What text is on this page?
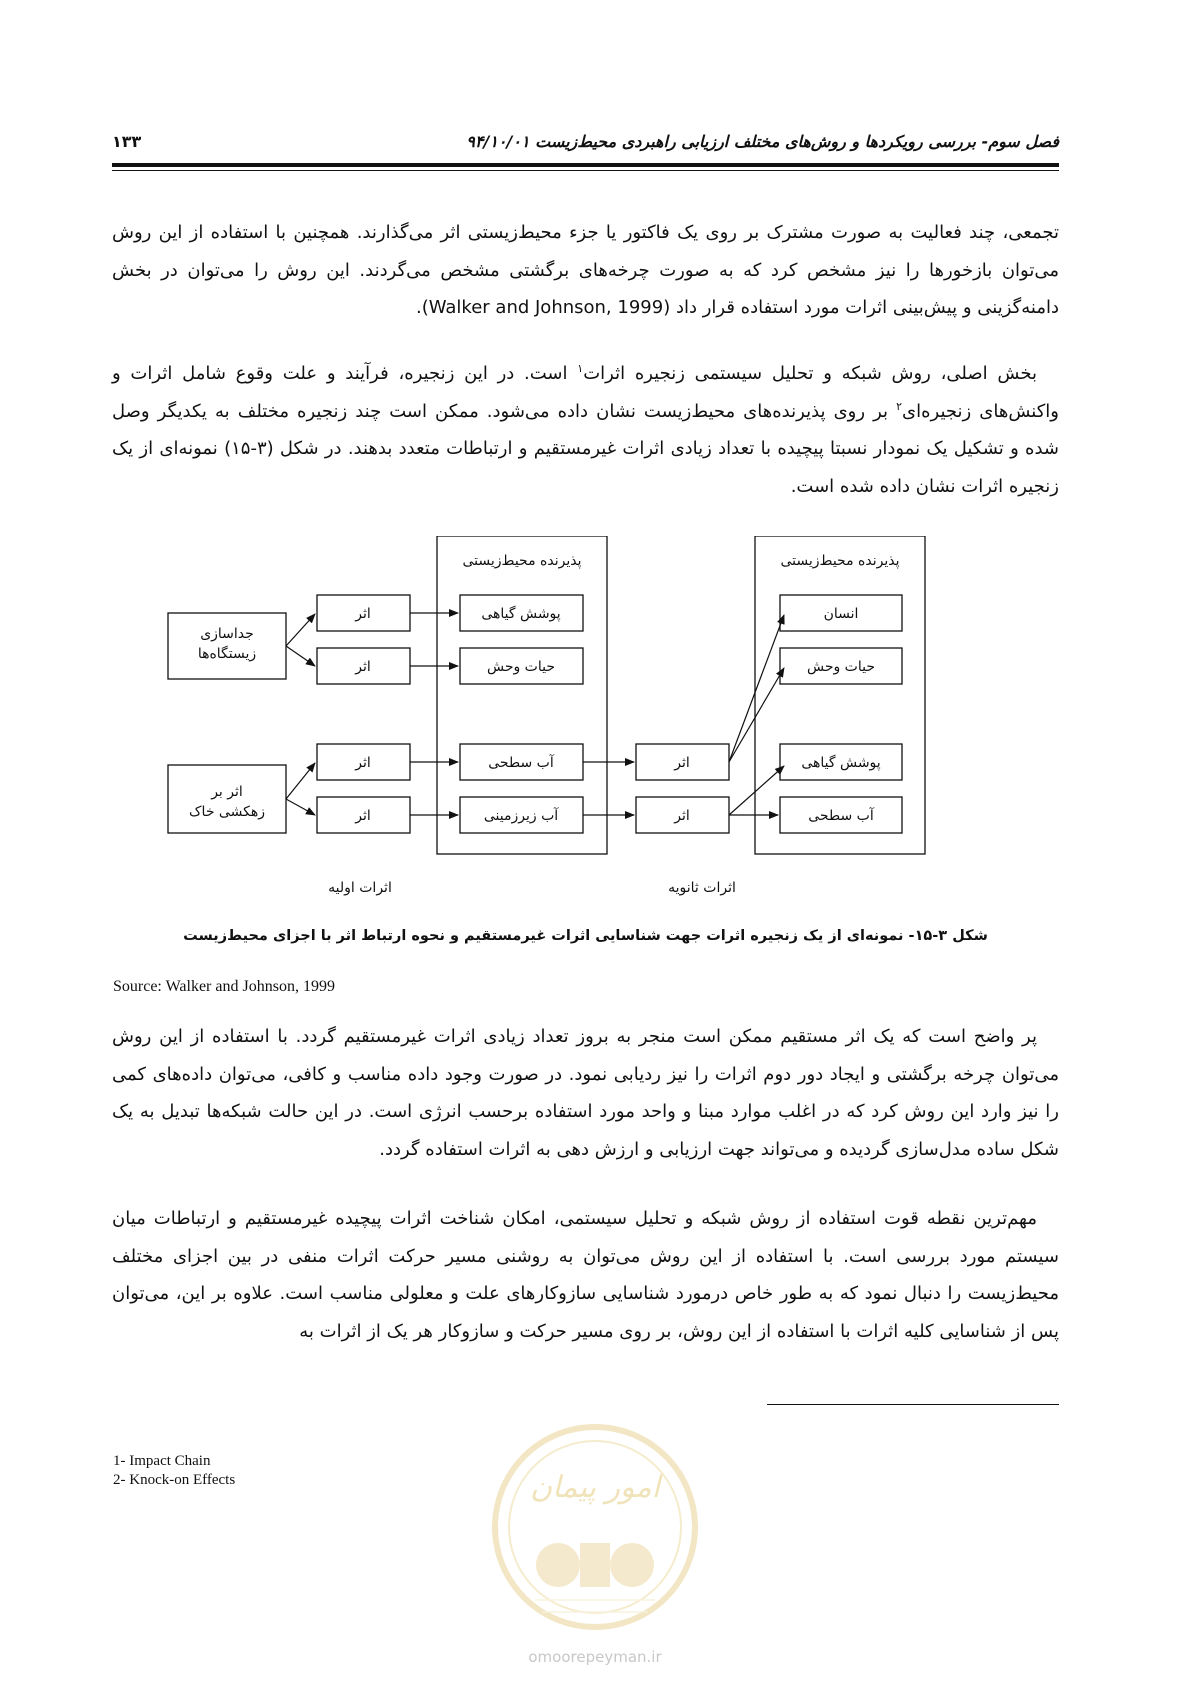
فصل سوم- بررسی رویکردها و روش‌های مختلف ارزیابی راهبردی محیط‌زیست ۹۴/۱۰/۰۱
۱۳۳

تجمعی، چند فعالیت به صورت مشترک بر روی یک فاکتور یا جزء محیط‌زیستی اثر می‌گذارند. همچنین با استفاده از این روش می‌توان بازخورها را نیز مشخص کرد که به صورت چرخه‌های برگشتی مشخص می‌گردند. این روش را می‌توان در بخش دامنه‌گزینی و پیش‌بینی اثرات مورد استفاده قرار داد (Walker and Johnson, 1999).

بخش اصلی، روش شبکه و تحلیل سیستمی زنجیره اثرات$^۱$ است. در این زنجیره، فرآیند و علت وقوع شامل اثرات و واکنش‌های زنجیره‌ای$^۲$ بر روی پذیرنده‌های محیط‌زیست نشان داده می‌شود. ممکن است چند زنجیره مختلف به یکدیگر وصل شده و تشکیل یک نمودار نسبتا پیچیده با تعداد زیادی اثرات غیرمستقیم و ارتباطات متعدد بدهند. در شکل (۳-۱۵) نمونه‌ای از یک زنجیره اثرات نشان داده شده است.

جداسازی زیستگاه‌ها
اثر بر زهکشی خاک
اثر
اثر
اثر
اثر
پذیرنده محیط‌زیستی
پوشش گیاهی
حیات وحش
آب سطحی
آب زیرزمینی
اثر
اثر
پذیرنده محیط‌زیستی
انسان
حیات وحش
پوشش گیاهی
آب سطحی
اثرات اولیه	اثرات ثانویه
شکل ۳-۱۵- نمونه‌ای از یک زنجیره اثرات جهت شناسایی اثرات غیرمستقیم و نحوه ارتباط اثر با اجزای محیط‌زیست
Source: Walker and Johnson, 1999

پر واضح است که یک اثر مستقیم ممکن است منجر به بروز تعداد زیادی اثرات غیرمستقیم گردد. با استفاده از این روش می‌توان چرخه برگشتی و ایجاد دور دوم اثرات را نیز ردیابی نمود. در صورت وجود داده مناسب و کافی، می‌توان داده‌های کمی را نیز وارد این روش کرد که در اغلب موارد مبنا و واحد مورد استفاده برحسب انرژی است. در این حالت شبکه‌ها تبدیل به یک شکل ساده مدل‌سازی گردیده و می‌تواند جهت ارزیابی و ارزش دهی به اثرات استفاده گردد.

مهم‌ترین نقطه قوت استفاده از روش شبکه و تحلیل سیستمی، امکان شناخت اثرات پیچیده غیرمستقیم و ارتباطات میان سیستم مورد بررسی است. با استفاده از این روش می‌توان به روشنی مسیر حرکت اثرات منفی در بین اجزای مختلف محیط‌زیست را دنبال نمود که به طور خاص درمورد شناسایی سازوکارهای علت و معلولی مناسب است. علاوه بر این، می‌توان پس از شناسایی کلیه اثرات با استفاده از این روش، بر روی مسیر حرکت و سازوکار هر یک از اثرات به

1- Impact Chain
2- Knock-on Effects	امور پیمان
omoorepeyman.ir
